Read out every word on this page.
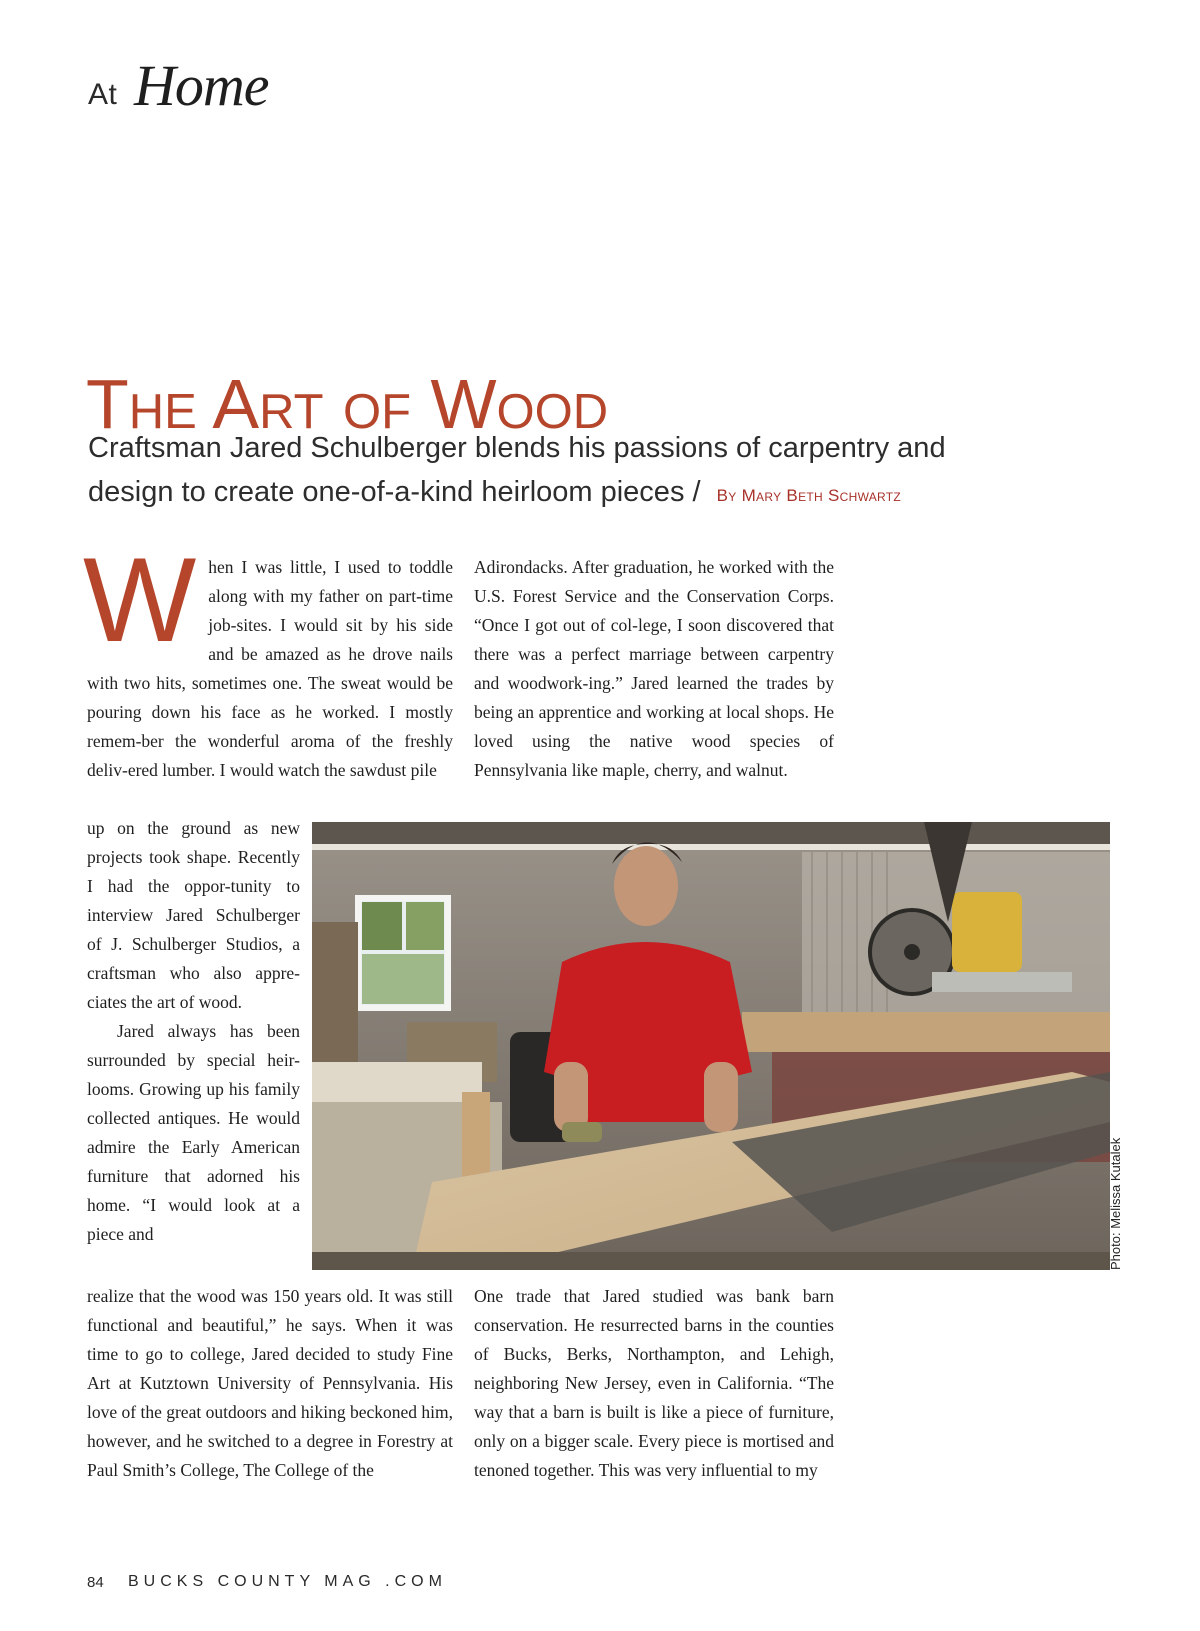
At Home
The Art of Wood
Craftsman Jared Schulberger blends his passions of carpentry and design to create one-of-a-kind heirloom pieces / By Mary Beth Schwartz

When I was little, I used to toddle along with my father on part-time job-sites. I would sit by his side and be amazed as he drove nails with two hits, sometimes one. The sweat would be pouring down his face as he worked. I mostly remem-ber the wonderful aroma of the freshly deliv-ered lumber. I would watch the sawdust pile

up on the ground as new projects took shape. Recently I had the oppor-tunity to interview Jared Schulberger of J. Schulberger Studios, a craftsman who also appre-ciates the art of wood.

Jared always has been surrounded by special heir-looms. Growing up his family collected antiques. He would admire the Early American furniture that adorned his home. “I would look at a piece and

realize that the wood was 150 years old. It was still functional and beautiful,” he says. When it was time to go to college, Jared decided to study Fine Art at Kutztown University of Pennsylvania. His love of the great outdoors and hiking beckoned him, however, and he switched to a degree in Forestry at Paul Smith’s College, The College of the

Adirondacks. After graduation, he worked with the U.S. Forest Service and the Conservation Corps. “Once I got out of col-lege, I soon discovered that there was a perfect marriage between carpentry and woodwork-ing.” Jared learned the trades by being an apprentice and working at local shops. He loved using the native wood species of Pennsylvania like maple, cherry, and walnut.

One trade that Jared studied was bank barn conservation. He resurrected barns in the counties of Bucks, Berks, Northampton, and Lehigh, neighboring New Jersey, even in California. “The way that a barn is built is like a piece of furniture, only on a bigger scale. Every piece is mortised and tenoned together. This was very influential to my

Photo: Melissa Kutalek
84 BUCKS COUNTY MAG .COM
